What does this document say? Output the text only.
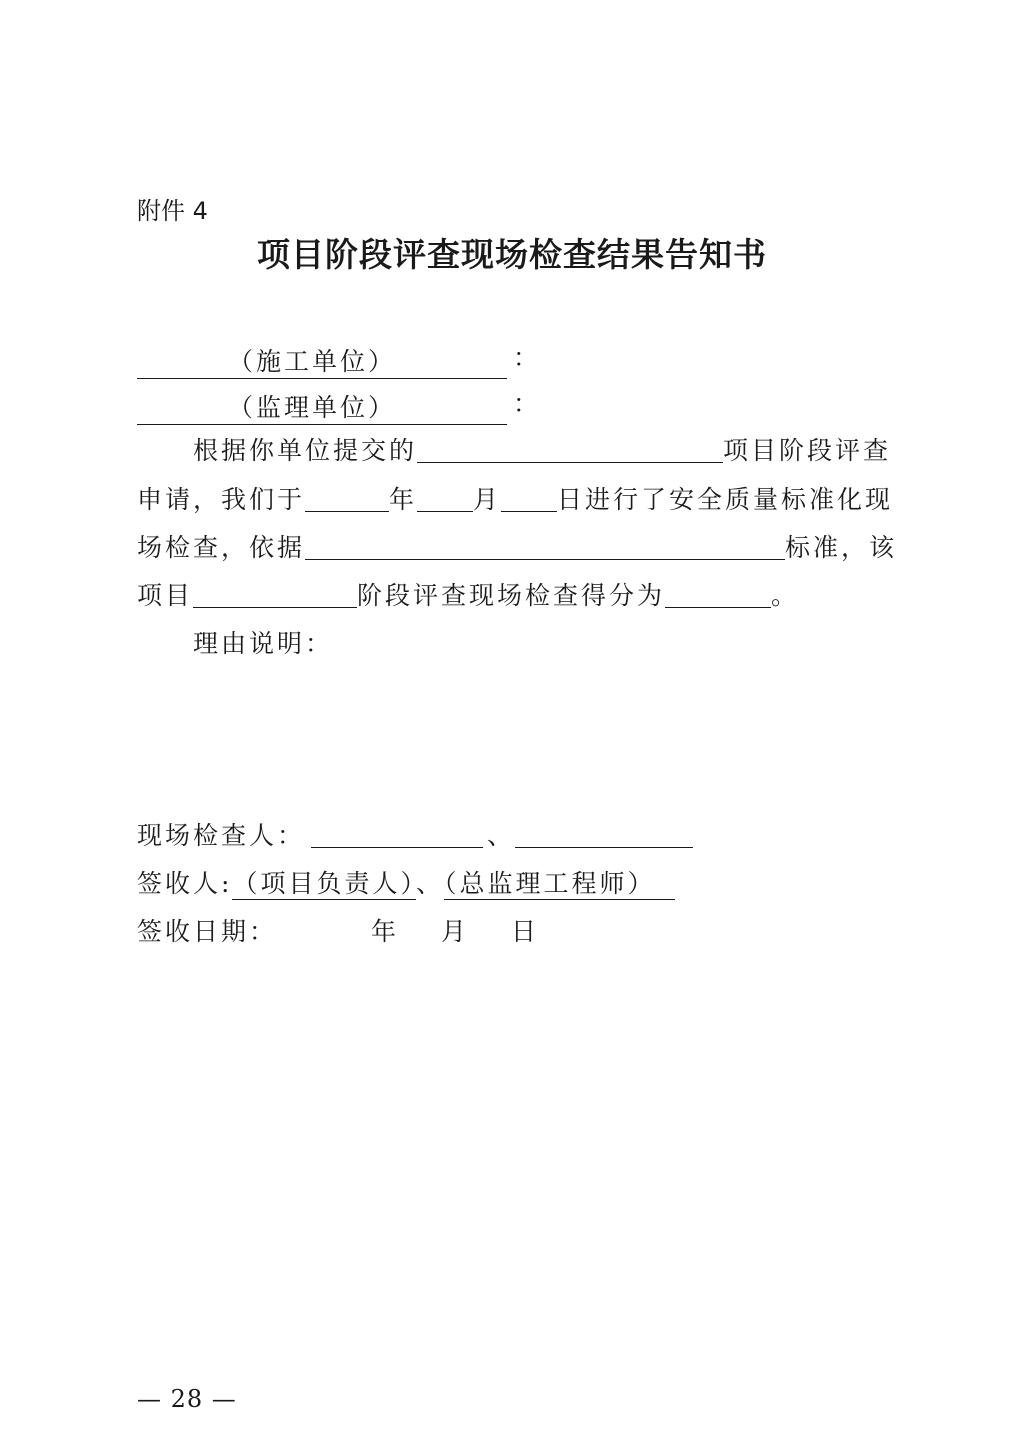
附件 4
项目阶段评查现场检查结果告知书
（施工单位）	：
（监理单位）	：
根据你单位提交的	项目阶段评查
申请，我们于	年 月 日进行了安全质量标准化现
场检查，依据	标准，该
项目	阶段评查现场检查得分为	。
理由说明：
现场检查人：	、
签收人:（项目负责人）、（总监理工程师）
签收日期：	年 月 日
— 28 —
